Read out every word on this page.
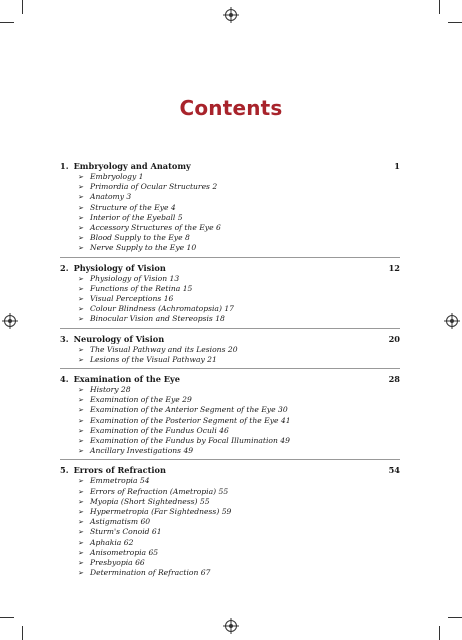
Contents
1. Embryology and Anatomy	1
➢ Embryology 1
➢ Primordia of Ocular Structures 2
➢ Anatomy 3
➢ Structure of the Eye 4
➢ Interior of the Eyeball 5
➢ Accessory Structures of the Eye 6
➢ Blood Supply to the Eye 8
➢ Nerve Supply to the Eye 10
2. Physiology of Vision	12
➢ Physiology of Vision 13
➢ Functions of the Retina 15
➢ Visual Perceptions 16
➢ Colour Blindness (Achromatopsia) 17
➢ Binocular Vision and Stereopsis 18
3. Neurology of Vision	20
➢ The Visual Pathway and its Lesions 20
➢ Lesions of the Visual Pathway 21
4. Examination of the Eye	28
➢ History 28
➢ Examination of the Eye 29
➢ Examination of the Anterior Segment of the Eye 30
➢ Examination of the Posterior Segment of the Eye 41
➢ Examination of the Fundus Oculi 46
➢ Examination of the Fundus by Focal Illumination 49
➢ Ancillary Investigations 49
5. Errors of Refraction	54
➢ Emmetropia 54
➢ Errors of Refraction (Ametropia) 55
➢ Myopia (Short Sightedness) 55
➢ Hypermetropia (Far Sightedness) 59
➢ Astigmatism 60
➢ Sturm's Conoid 61
➢ Aphakia 62
➢ Anisometropia 65
➢ Presbyopia 66
➢ Determination of Refraction 67
